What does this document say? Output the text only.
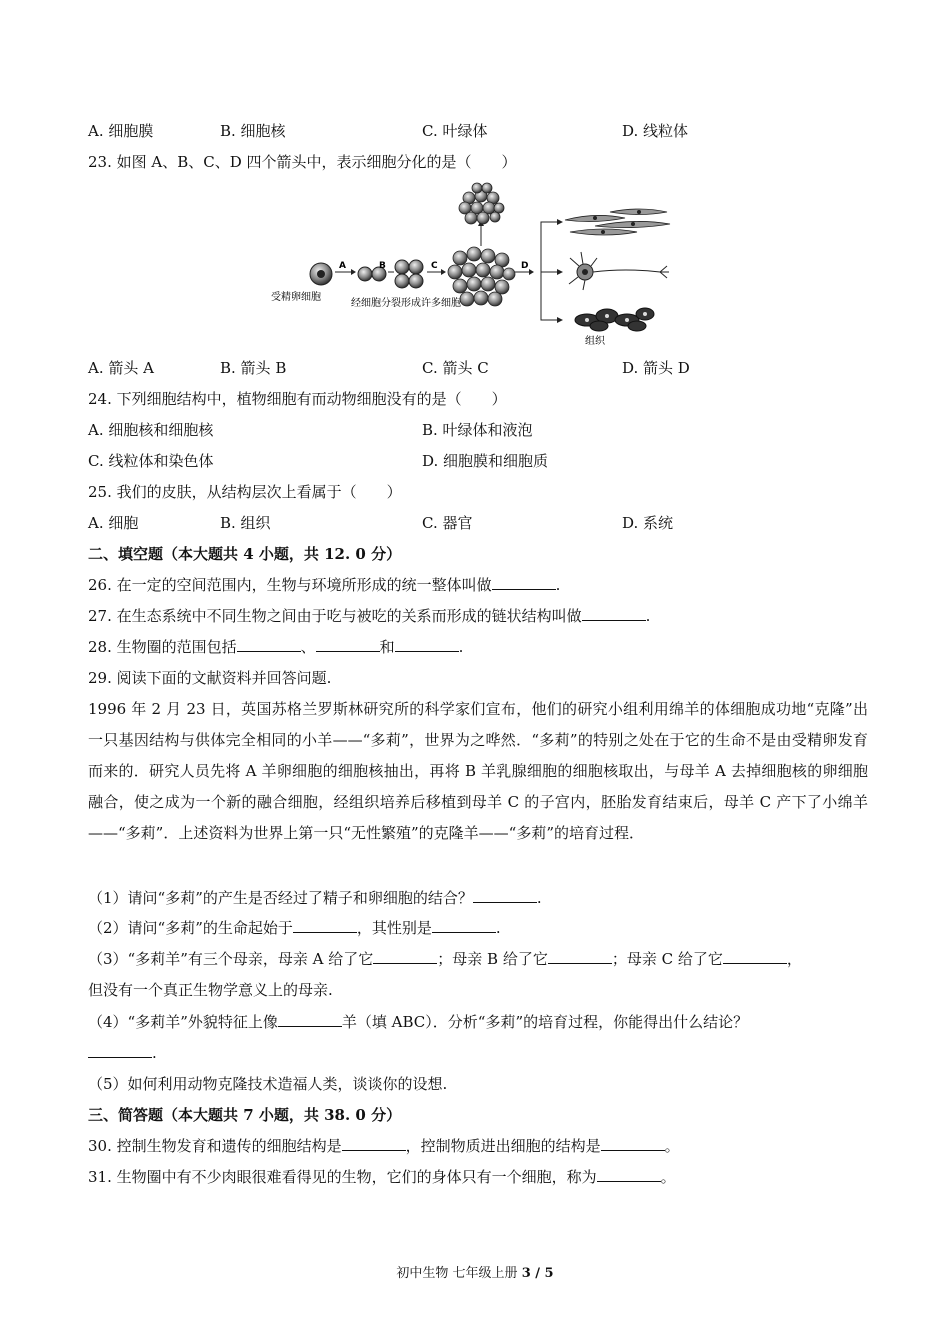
A. 细胞膜	B. 细胞核	C. 叶绿体	D. 线粒体
23. 如图 A、B、C、D 四个箭头中，表示细胞分化的是（　　）
A	B	C	D
受精卵细胞
经细胞分裂形成许多细胞
组织
A. 箭头 A	B. 箭头 B	C. 箭头 C	D. 箭头 D
24. 下列细胞结构中，植物细胞有而动物细胞没有的是（　　）
A. 细胞核和细胞核	B. 叶绿体和液泡
C. 线粒体和染色体	D. 细胞膜和细胞质
25. 我们的皮肤，从结构层次上看属于（　　）
A. 细胞	B. 组织	C. 器官	D. 系统
二、填空题（本大题共 4 小题，共 12. 0 分）
26. 在一定的空间范围内，生物与环境所形成的统一整体叫做	.
27. 在生态系统中不同生物之间由于吃与被吃的关系而形成的链状结构叫做	.
28. 生物圈的范围包括	、	和	.
29. 阅读下面的文献资料并回答问题.
1996 年 2 月 23 日，英国苏格兰罗斯林研究所的科学家们宣布，他们的研究小组利用绵羊的体细胞成功地“克隆”出一只基因结构与供体完全相同的小羊——“多莉”，世界为之哗然．“多莉”的特别之处在于它的生命不是由受精卵发育而来的．研究人员先将 A 羊卵细胞的细胞核抽出，再将 B 羊乳腺细胞的细胞核取出，与母羊 A 去掉细胞核的卵细胞融合，使之成为一个新的融合细胞，经组织培养后移植到母羊 C 的子宫内，胚胎发育结束后，母羊 C 产下了小绵羊——“多莉”．上述资料为世界上第一只“无性繁殖”的克隆羊——“多莉”的培育过程．
（1）请问“多莉”的产生是否经过了精子和卵细胞的结合？	.
（2）请问“多莉”的生命起始于	，其性别是	.
（3）“多莉羊”有三个母亲，母亲 A 给了它	；母亲 B 给了它	；母亲 C 给了它	，
但没有一个真正生物学意义上的母亲.
（4）“多莉羊”外貌特征上像	羊（填 ABC）．分析“多莉”的培育过程，你能得出什么结论？
.
（5）如何利用动物克隆技术造福人类，谈谈你的设想.
三、简答题（本大题共 7 小题，共 38. 0 分）
30. 控制生物发育和遗传的细胞结构是	，控制物质进出细胞的结构是	。
31. 生物圈中有不少肉眼很难看得见的生物，它们的身体只有一个细胞，称为	。
初中生物 七年级上册 3 / 5
